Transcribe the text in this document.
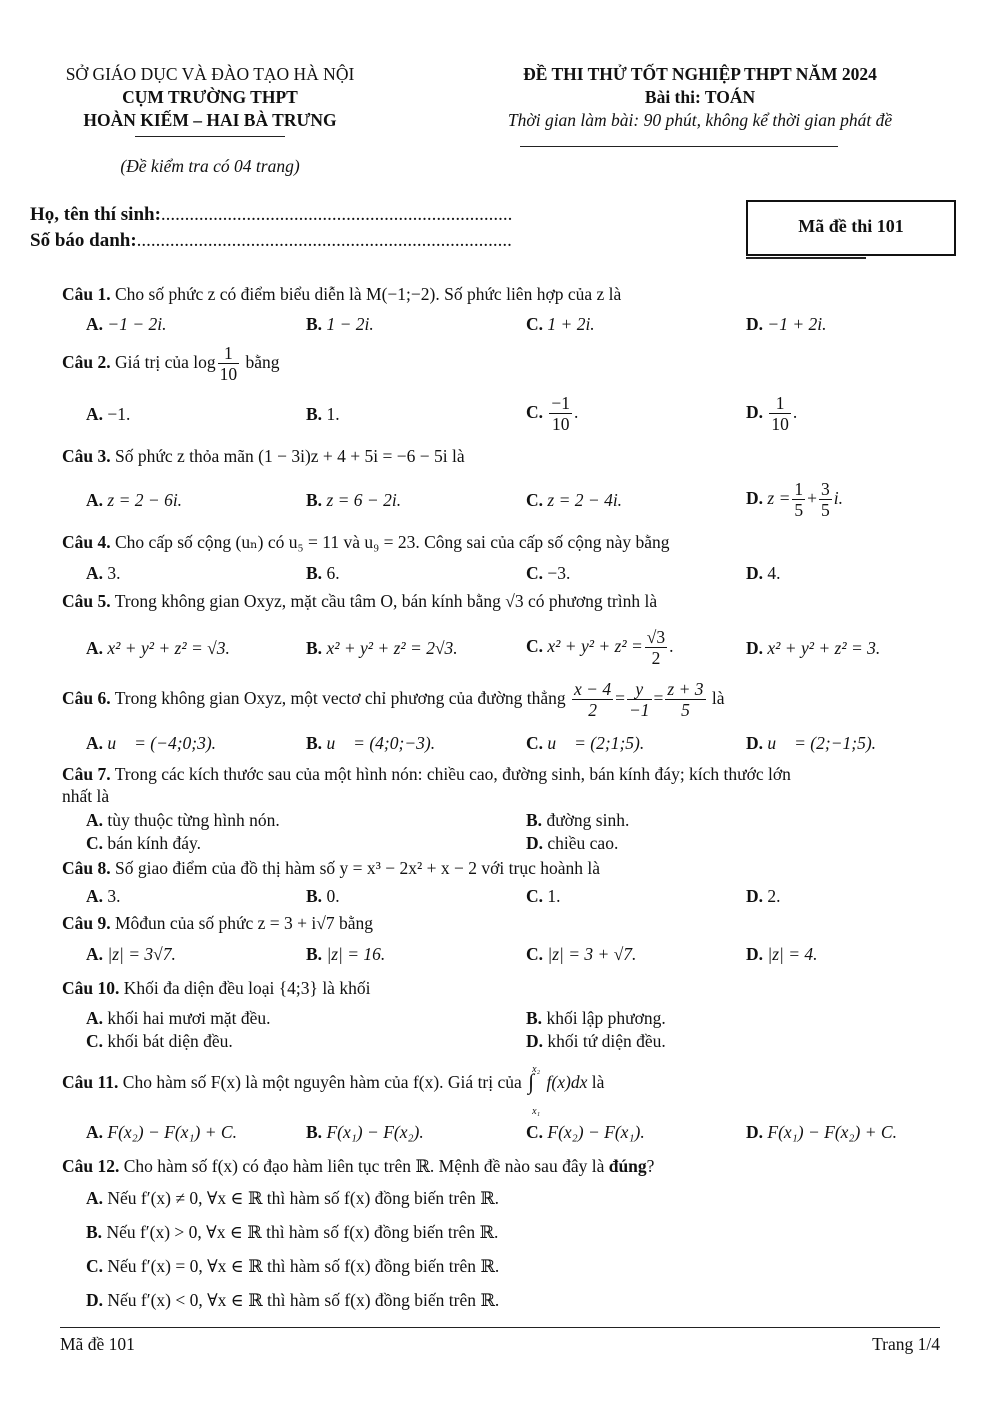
SỞ GIÁO DỤC VÀ ĐÀO TẠO HÀ NỘI
CỤM TRƯỜNG THPT
HOÀN KIẾM – HAI BÀ TRƯNG
(Đề kiểm tra có 04 trang)
ĐỀ THI THỬ TỐT NGHIỆP THPT NĂM 2024
Bài thi: TOÁN
Thời gian làm bài: 90 phút, không kể thời gian phát đề
Họ, tên thí sinh:..........................................................................
Số báo danh:...............................................................................
Mã đề thi 101
Câu 1. Cho số phức z có điểm biểu diễn là M(−1;−2). Số phức liên hợp của z là
A. −1 − 2i.	B. 1 − 2i.	C. 1 + 2i.	D. −1 + 2i.
Câu 2. Giá trị của $\log \frac{1}{10}$ bằng
A. −1.	B. 1.	C. $\frac{-1}{10}$ .	D. $\frac{1}{10}$ .
Câu 3. Số phức z thỏa mãn (1 − 3i)z + 4 + 5i = −6 − 5i là
A. z = 2 − 6i.	B. z = 6 − 2i.	C. z = 2 − 4i.	D. $z = \frac{1}{5} + \frac{3}{5} i$.
Câu 4. Cho cấp số cộng (uₙ) có u₅ = 11 và u₉ = 23. Công sai của cấp số cộng này bằng
A. 3.	B. 6.	C. −3.	D. 4.
Câu 5. Trong không gian Oxyz, mặt cầu tâm O, bán kính bằng √3 có phương trình là
A. x² + y² + z² = √3.	B. x² + y² + z² = 2√3.	C. $x^2 + y^2 + z^2 = \frac{√3}{2}$ .	D. x² + y² + z² = 3.
Câu 6. Trong không gian Oxyz, một vectơ chỉ phương của đường thẳng $\frac{x - 4}{2} = \frac{y}{-1} = \frac{z + 3}{5}$ là
A. u⃗ = (−4;0;3).	B. u⃗ = (4;0;−3).	C. u⃗ = (2;1;5).	D. u⃗ = (2;−1;5).
Câu 7. Trong các kích thước sau của một hình nón: chiều cao, đường sinh, bán kính đáy; kích thước lớn
nhất là
A. tùy thuộc từng hình nón.	B. đường sinh.
C. bán kính đáy.	D. chiều cao.
Câu 8. Số giao điểm của đồ thị hàm số y = x³ − 2x² + x − 2 với trục hoành là
A. 3.	B. 0.	C. 1.	D. 2.
Câu 9. Môđun của số phức z = 3 + i√7 bằng
A. |z| = 3√7.	B. |z| = 16.	C. |z| = 3 + √7.	D. |z| = 4.
Câu 10. Khối đa diện đều loại {4;3} là khối
A. khối hai mươi mặt đều.	B. khối lập phương.
C. khối bát diện đều.	D. khối tứ diện đều.
Câu 11. Cho hàm số F(x) là một nguyên hàm của f(x). Giá trị của
x₂
∫
x₁
f(x)dx là
A. F(x₂) − F(x₁) + C.	B. F(x₁) − F(x₂).	C. F(x₂) − F(x₁).	D. F(x₁) − F(x₂) + C.
Câu 12. Cho hàm số f(x) có đạo hàm liên tục trên ℝ. Mệnh đề nào sau đây là đúng?
A. Nếu f′(x) ≠ 0, ∀x ∈ ℝ thì hàm số f(x) đồng biến trên ℝ.
B. Nếu f′(x) > 0, ∀x ∈ ℝ thì hàm số f(x) đồng biến trên ℝ.
C. Nếu f′(x) = 0, ∀x ∈ ℝ thì hàm số f(x) đồng biến trên ℝ.
D. Nếu f′(x) < 0, ∀x ∈ ℝ thì hàm số f(x) đồng biến trên ℝ.
Mã đề 101	Trang 1/4
